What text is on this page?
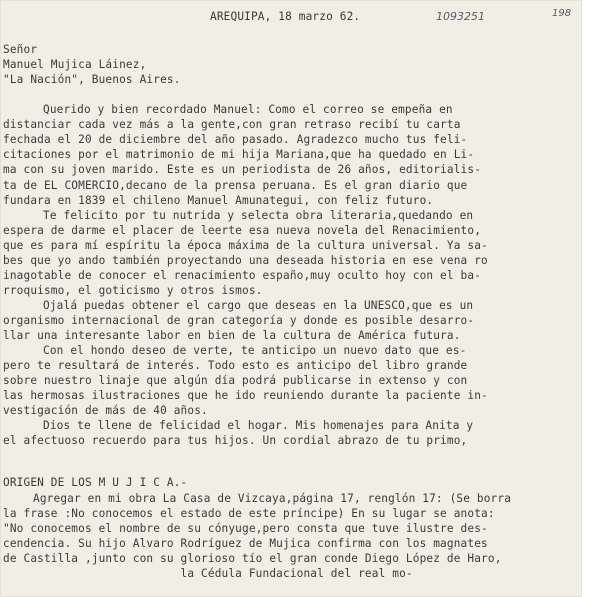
1093251	198
AREQUIPA, 18 marzo 62.
Señor
Manuel Mujica Láinez,
"La Nación", Buenos Aires.
Querido y bien recordado Manuel: Como el correo se empeña en
distanciar cada vez más a la gente,con gran retraso recibí tu carta
fechada el 20 de diciembre del año pasado. Agradezco mucho tus feli-
citaciones por el matrimonio de mi hija Mariana,que ha quedado en Li-
ma con su joven marido. Este es un periodista de 26 años, editorialis-
ta de EL COMERCIO,decano de la prensa peruana. Es el gran diario que
fundara en 1839 el chileno Manuel Amunategui, con feliz futuro.
Te felicito por tu nutrida y selecta obra literaria,quedando en
espera de darme el placer de leerte esa nueva novela del Renacimiento,
que es para mí espíritu la época máxima de la cultura universal. Ya sa-
bes que yo ando también proyectando una deseada historia en ese vena ro
inagotable de conocer el renacimiento españo,muy oculto hoy con el ba-
rroquismo, el goticismo y otros ismos.
Ojalá puedas obtener el cargo que deseas en la UNESCO,que es un
organismo internacional de gran categoría y donde es posible desarro-
llar una interesante labor en bien de la cultura de América futura.
Con el hondo deseo de verte, te anticipo un nuevo dato que es-
pero te resultará de interés. Todo esto es anticipo del libro grande
sobre nuestro linaje que algún día podrá publicarse in extenso y con
las hermosas ilustraciones que he ido reuniendo durante la paciente in-
vestigación de más de 40 años.
Dios te llene de felicidad el hogar. Mis homenajes para Anita y
el afectuoso recuerdo para tus hijos. Un cordial abrazo de tu primo,
ORIGEN DE LOS M U J I C A.-
Agregar en mi obra La Casa de Vizcaya,página 17, renglón 17: (Se borra
la frase :No conocemos el estado de este príncipe) En su lugar se anota:
"No conocemos el nombre de su cónyuge,pero consta que tuve ilustre des-
cendencia. Su hijo Alvaro Rodríguez de Mujica confirma con los magnates
de Castilla ,junto con su glorioso tío el gran conde Diego López de Haro,
la Cédula Fundacional del real mo-
